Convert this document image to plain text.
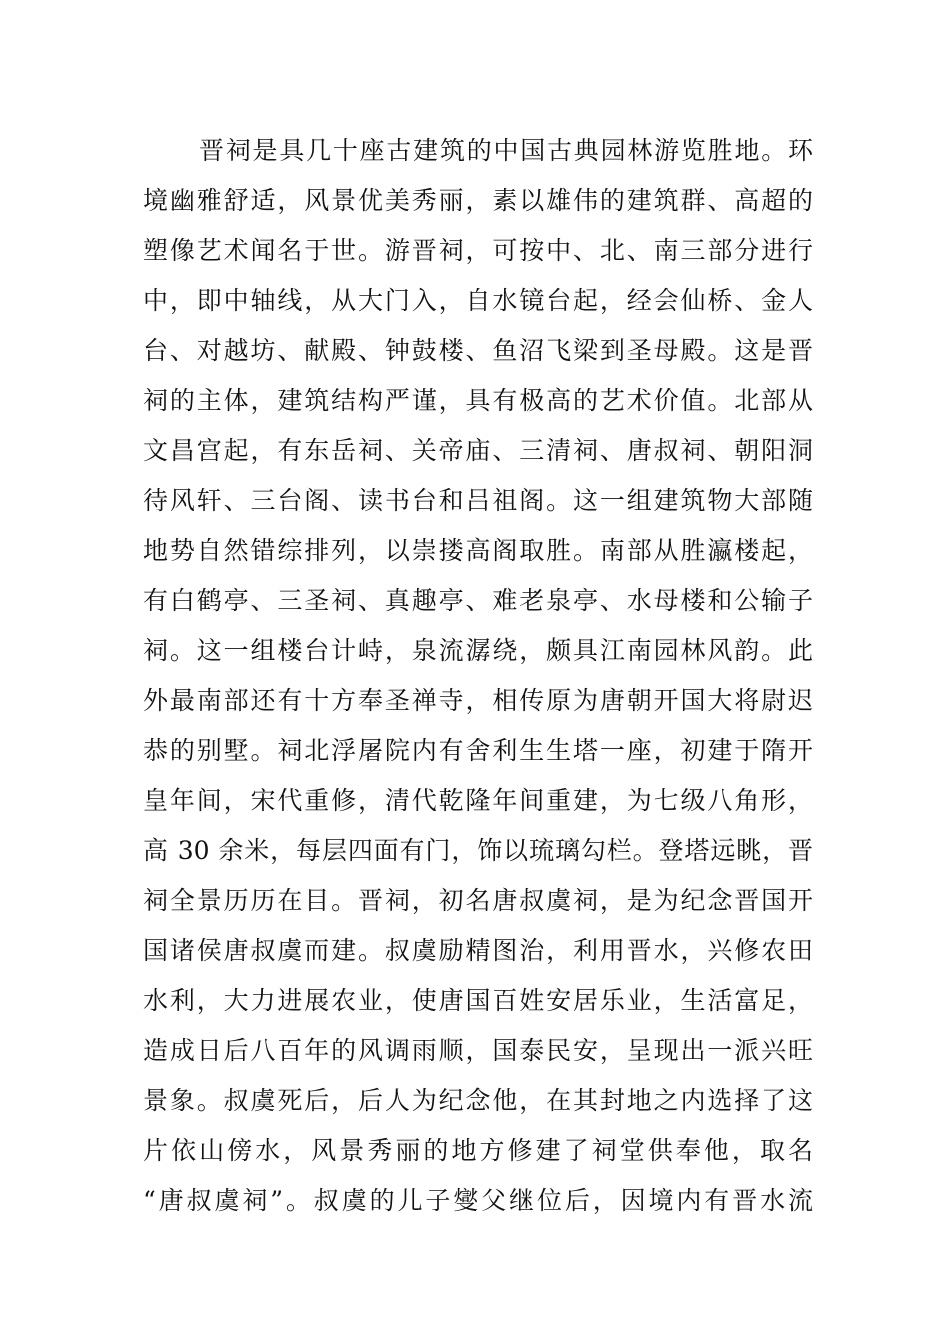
晋祠是具几十座古建筑的中国古典园林游览胜地。环
境幽雅舒适，风景优美秀丽，素以雄伟的建筑群、高超的
塑像艺术闻名于世。游晋祠，可按中、北、南三部分进行
中，即中轴线，从大门入，自水镜台起，经会仙桥、金人
台、对越坊、献殿、钟鼓楼、鱼沼飞梁到圣母殿。这是晋
祠的主体，建筑结构严谨，具有极高的艺术价值。北部从
文昌宫起，有东岳祠、关帝庙、三清祠、唐叔祠、朝阳洞
待风轩、三台阁、读书台和吕祖阁。这一组建筑物大部随
地势自然错综排列，以崇搂高阁取胜。南部从胜瀛楼起，
有白鹤亭、三圣祠、真趣亭、难老泉亭、水母楼和公输子
祠。这一组楼台计峙，泉流潺绕，颇具江南园林风韵。此
外最南部还有十方奉圣禅寺，相传原为唐朝开国大将尉迟
恭的别墅。祠北浮屠院内有舍利生生塔一座，初建于隋开
皇年间，宋代重修，清代乾隆年间重建，为七级八角形，
高 30 余米，每层四面有门，饰以琉璃勾栏。登塔远眺，晋
祠全景历历在目。晋祠，初名唐叔虞祠，是为纪念晋国开
国诸侯唐叔虞而建。叔虞励精图治，利用晋水，兴修农田
水利，大力进展农业，使唐国百姓安居乐业，生活富足，
造成日后八百年的风调雨顺，国泰民安，呈现出一派兴旺
景象。叔虞死后，后人为纪念他，在其封地之内选择了这
片依山傍水，风景秀丽的地方修建了祠堂供奉他，取名
“唐叔虞祠”。叔虞的儿子燮父继位后，因境内有晋水流
